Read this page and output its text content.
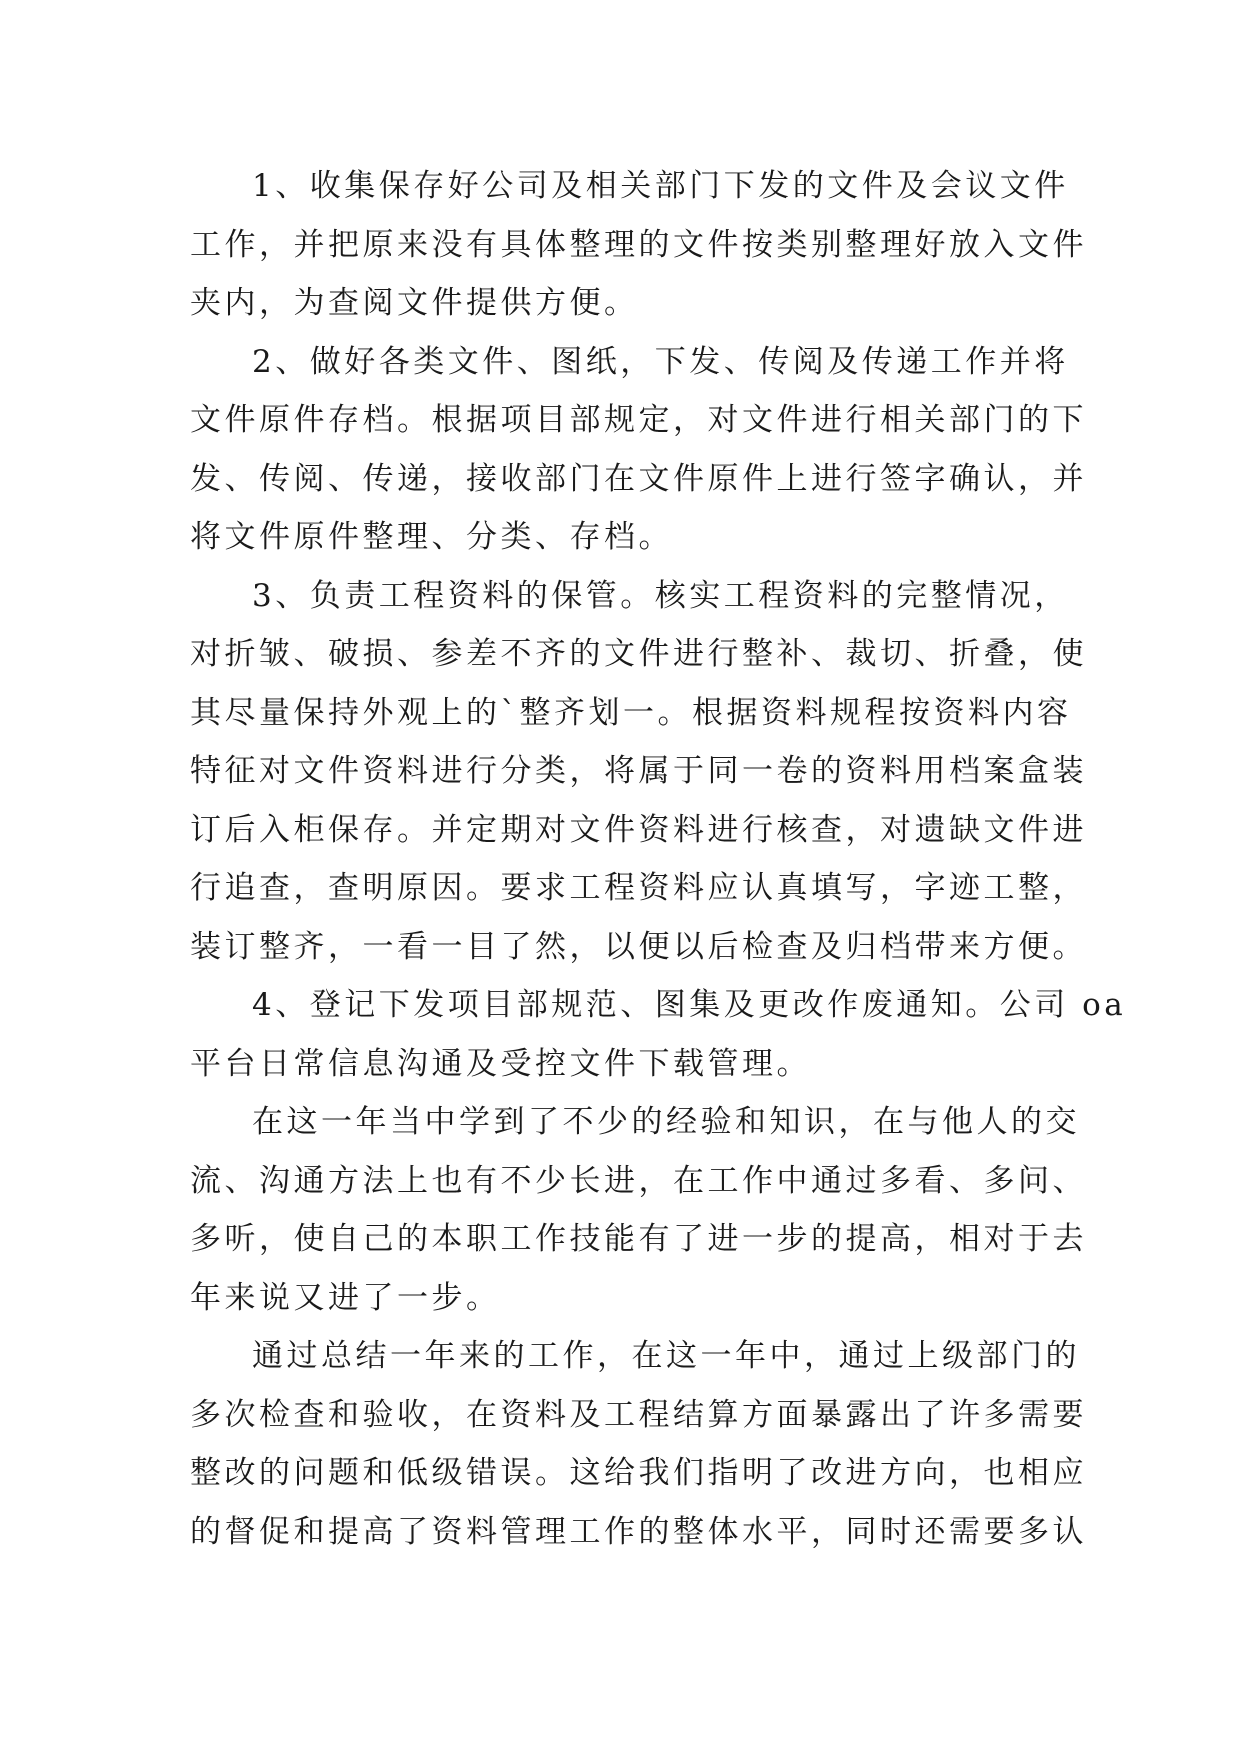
1、收集保存好公司及相关部门下发的文件及会议文件
工作，并把原来没有具体整理的文件按类别整理好放入文件
夹内，为查阅文件提供方便。
2、做好各类文件、图纸，下发、传阅及传递工作并将
文件原件存档。根据项目部规定，对文件进行相关部门的下
发、传阅、传递，接收部门在文件原件上进行签字确认，并
将文件原件整理、分类、存档。
3、负责工程资料的保管。核实工程资料的完整情况，
对折皱、破损、参差不齐的文件进行整补、裁切、折叠，使
其尽量保持外观上的`整齐划一。根据资料规程按资料内容
特征对文件资料进行分类，将属于同一卷的资料用档案盒装
订后入柜保存。并定期对文件资料进行核查，对遗缺文件进
行追查，查明原因。要求工程资料应认真填写，字迹工整，
装订整齐，一看一目了然，以便以后检查及归档带来方便。
4、登记下发项目部规范、图集及更改作废通知。公司 oa
平台日常信息沟通及受控文件下载管理。
在这一年当中学到了不少的经验和知识，在与他人的交
流、沟通方法上也有不少长进，在工作中通过多看、多问、
多听，使自己的本职工作技能有了进一步的提高，相对于去
年来说又进了一步。
通过总结一年来的工作，在这一年中，通过上级部门的
多次检查和验收，在资料及工程结算方面暴露出了许多需要
整改的问题和低级错误。这给我们指明了改进方向，也相应
的督促和提高了资料管理工作的整体水平，同时还需要多认
